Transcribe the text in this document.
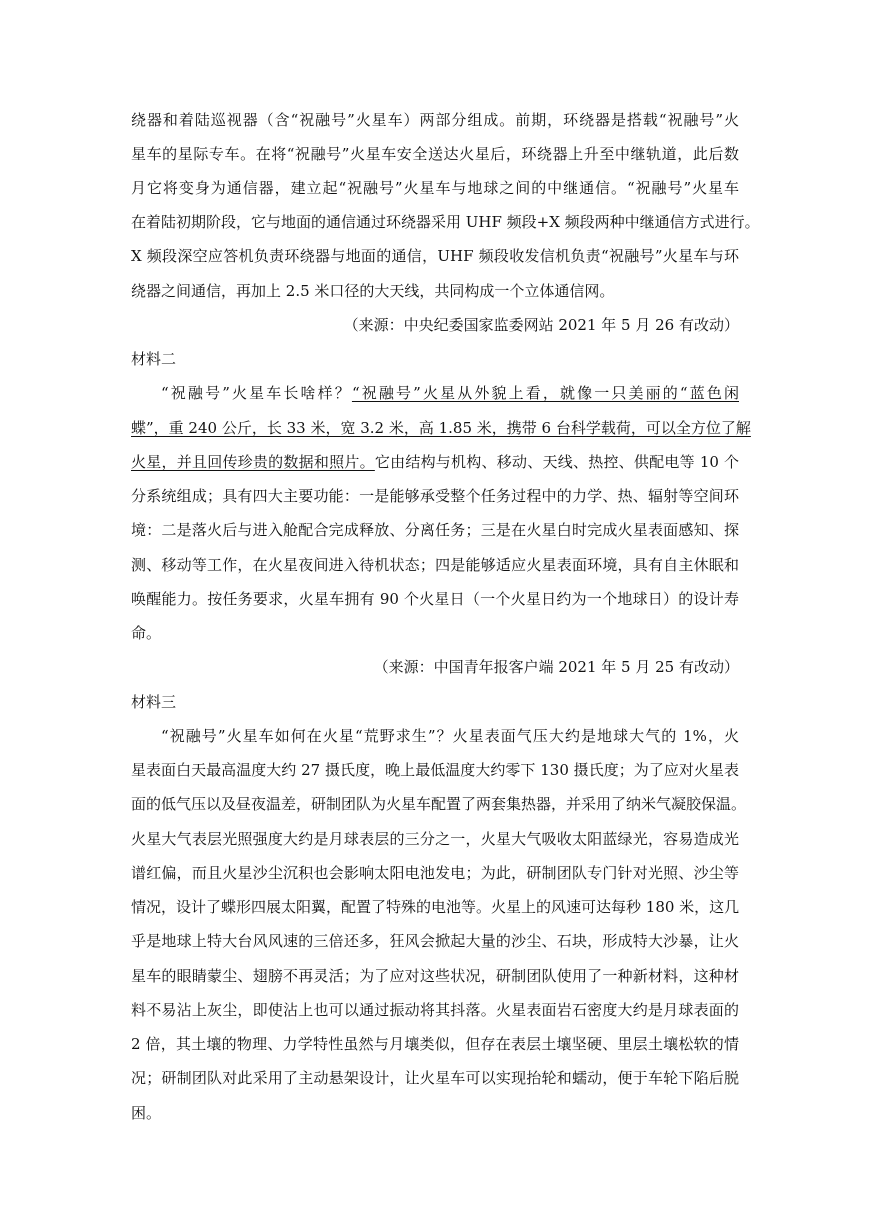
绕器和着陆巡视器（含“祝融号”火星车）两部分组成。前期，环绕器是搭载“祝融号”火
星车的星际专车。在将“祝融号”火星车安全送达火星后，环绕器上升至中继轨道，此后数
月它将变身为通信器，建立起“祝融号”火星车与地球之间的中继通信。“祝融号”火星车
在着陆初期阶段，它与地面的通信通过环绕器采用 UHF 频段+X 频段两种中继通信方式进行。
X 频段深空应答机负责环绕器与地面的通信，UHF 频段收发信机负责“祝融号”火星车与环
绕器之间通信，再加上 2.5 米口径的大天线，共同构成一个立体通信网。
（来源：中央纪委国家监委网站 2021 年 5 月 26 有改动）
材料二
“祝融号”火星车长啥样？“祝融号”火星从外貌上看，就像一只美丽的“蓝色闲
蝶”，重 240 公斤，长 33 米，宽 3.2 米，高 1.85 米，携带 6 台科学载荷，可以全方位了解
火星，并且回传珍贵的数据和照片。它由结构与机构、移动、天线、热控、供配电等 10 个
分系统组成；具有四大主要功能：一是能够承受整个任务过程中的力学、热、辐射等空间环
境：二是落火后与进入舱配合完成释放、分离任务；三是在火星白时完成火星表面感知、探
测、移动等工作，在火星夜间进入待机状态；四是能够适应火星表面环境，具有自主休眠和
唤醒能力。按任务要求，火星车拥有 90 个火星日（一个火星日约为一个地球日）的设计寿
命。
（来源：中国青年报客户端 2021 年 5 月 25 有改动）
材料三
“祝融号”火星车如何在火星“荒野求生”？火星表面气压大约是地球大气的 1%，火
星表面白天最高温度大约 27 摄氏度，晚上最低温度大约零下 130 摄氏度；为了应对火星表
面的低气压以及昼夜温差，研制团队为火星车配置了两套集热器，并采用了纳米气凝胶保温。
火星大气表层光照强度大约是月球表层的三分之一，火星大气吸收太阳蓝绿光，容易造成光
谱红偏，而且火星沙尘沉积也会影响太阳电池发电；为此，研制团队专门针对光照、沙尘等
情况，设计了蝶形四展太阳翼，配置了特殊的电池等。火星上的风速可达每秒 180 米，这几
乎是地球上特大台风风速的三倍还多，狂风会掀起大量的沙尘、石块，形成特大沙暴，让火
星车的眼睛蒙尘、翅膀不再灵活；为了应对这些状况，研制团队使用了一种新材料，这种材
料不易沾上灰尘，即使沾上也可以通过振动将其抖落。火星表面岩石密度大约是月球表面的
2 倍，其土壤的物理、力学特性虽然与月壤类似，但存在表层土壤坚硬、里层土壤松软的情
况；研制团队对此采用了主动悬架设计，让火星车可以实现抬轮和蠕动，便于车轮下陷后脱
困。
